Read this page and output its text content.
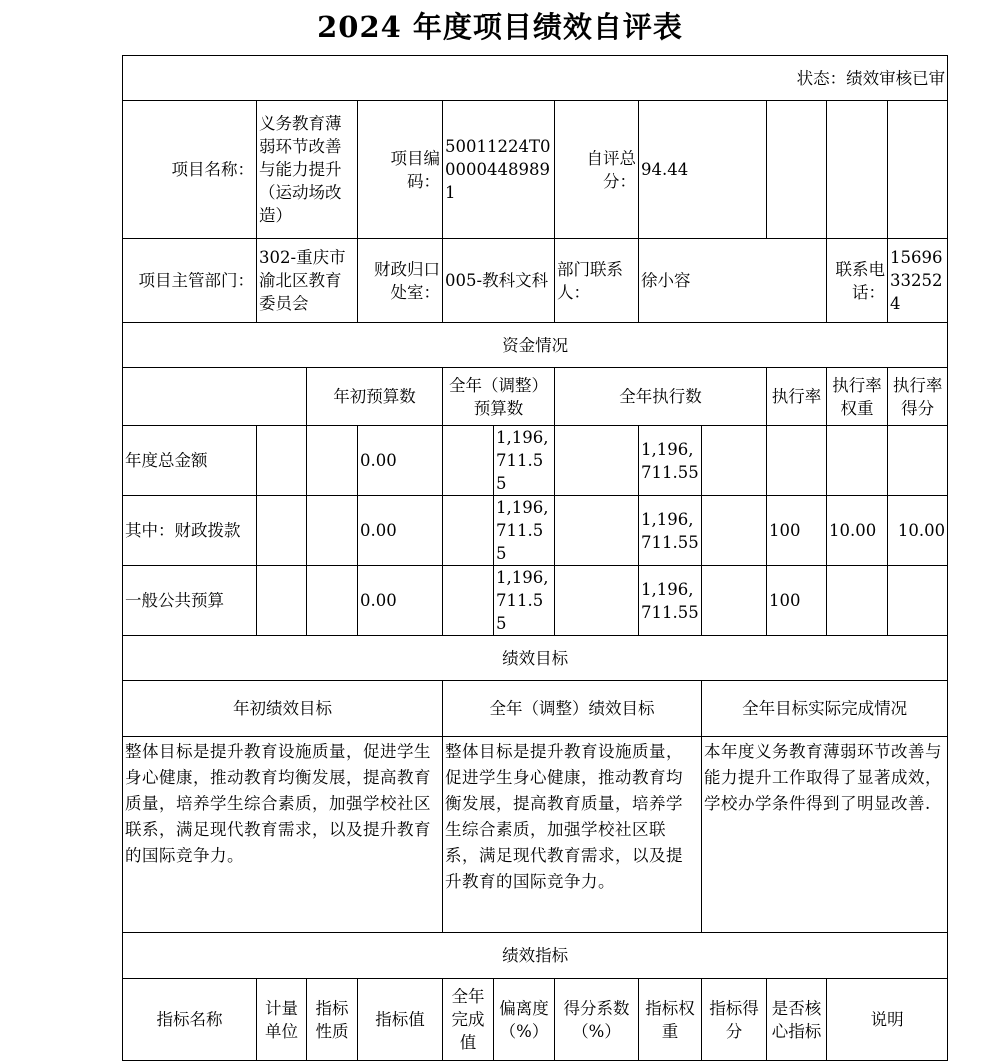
2024 年度项目绩效自评表
状态：绩效审核已审											
项目名称：	义务教育薄弱环节改善与能力提升（运动场改造）		项目编码：	50011224T000004489891		自评总分：	94.44				
项目主管部门：	302-重庆市渝北区教育委员会		财政归口处室：	005-教科文科		部门联系人：	徐小容			联系电话：	15696332524
资金情况											
		年初预算数		全年（调整）预算数		全年执行数			执行率	执行率权重	执行率得分
年度总金额			0.00		1,196,711.55		1,196,711.55				
其中：财政拨款			0.00		1,196,711.55		1,196,711.55		100	10.00	10.00
一般公共预算			0.00		1,196,711.55		1,196,711.55		100		
绩效目标											
年初绩效目标				全年（调整）绩效目标				全年目标实际完成情况			
整体目标是提升教育设施质量，促进学生身心健康，推动教育均衡发展，提高教育质量，培养学生综合素质，加强学校社区联系，满足现代教育需求，以及提升教育的国际竞争力。				整体目标是提升教育设施质量，促进学生身心健康，推动教育均衡发展，提高教育质量，培养学生综合素质，加强学校社区联系，满足现代教育需求，以及提升教育的国际竞争力。				本年度义务教育薄弱环节改善与能力提升工作取得了显著成效，学校办学条件得到了明显改善.			
绩效指标											
指标名称	计量单位	指标性质	指标值	全年完成值	偏离度（%）	得分系数（%）	指标权重	指标得分	是否核心指标	说明	
